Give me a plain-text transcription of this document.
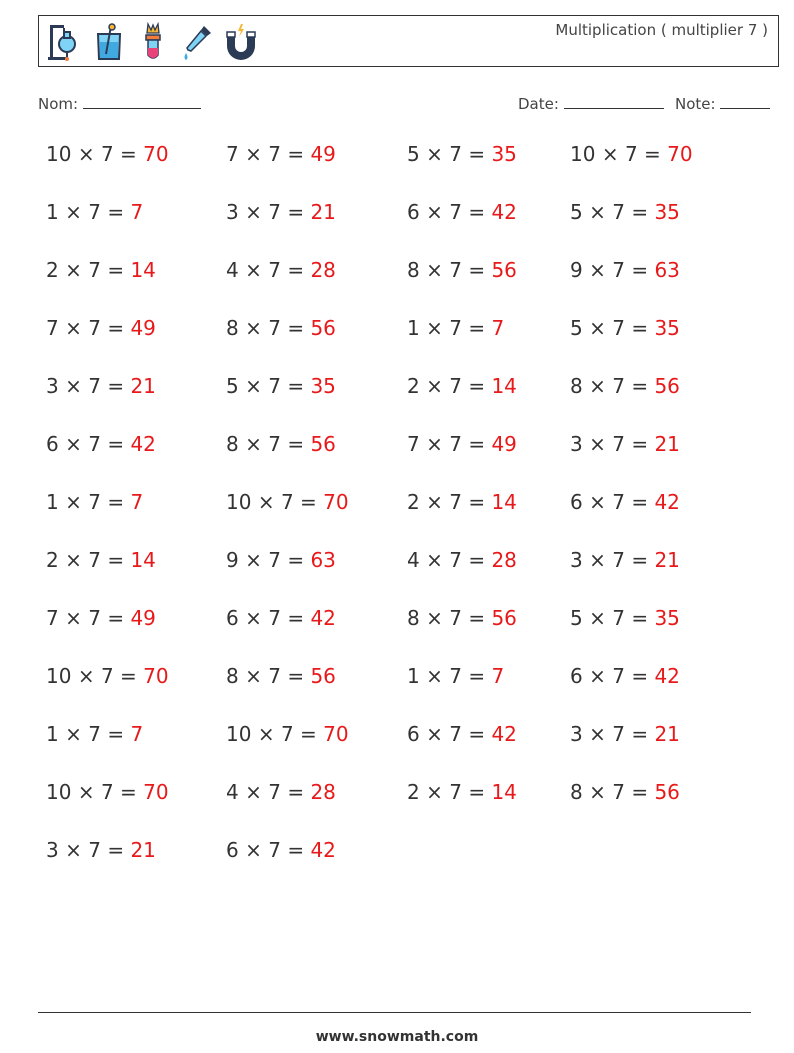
Multiplication ( multiplier 7 )
Nom:	Date:	Note:
10 × 7 = 70	7 × 7 = 49	5 × 7 = 35	10 × 7 = 70
1 × 7 = 7	3 × 7 = 21	6 × 7 = 42	5 × 7 = 35
2 × 7 = 14	4 × 7 = 28	8 × 7 = 56	9 × 7 = 63
7 × 7 = 49	8 × 7 = 56	1 × 7 = 7	5 × 7 = 35
3 × 7 = 21	5 × 7 = 35	2 × 7 = 14	8 × 7 = 56
6 × 7 = 42	8 × 7 = 56	7 × 7 = 49	3 × 7 = 21
1 × 7 = 7	10 × 7 = 70	2 × 7 = 14	6 × 7 = 42
2 × 7 = 14	9 × 7 = 63	4 × 7 = 28	3 × 7 = 21
7 × 7 = 49	6 × 7 = 42	8 × 7 = 56	5 × 7 = 35
10 × 7 = 70	8 × 7 = 56	1 × 7 = 7	6 × 7 = 42
1 × 7 = 7	10 × 7 = 70	6 × 7 = 42	3 × 7 = 21
10 × 7 = 70	4 × 7 = 28	2 × 7 = 14	8 × 7 = 56
3 × 7 = 21	6 × 7 = 42
www.snowmath.com
